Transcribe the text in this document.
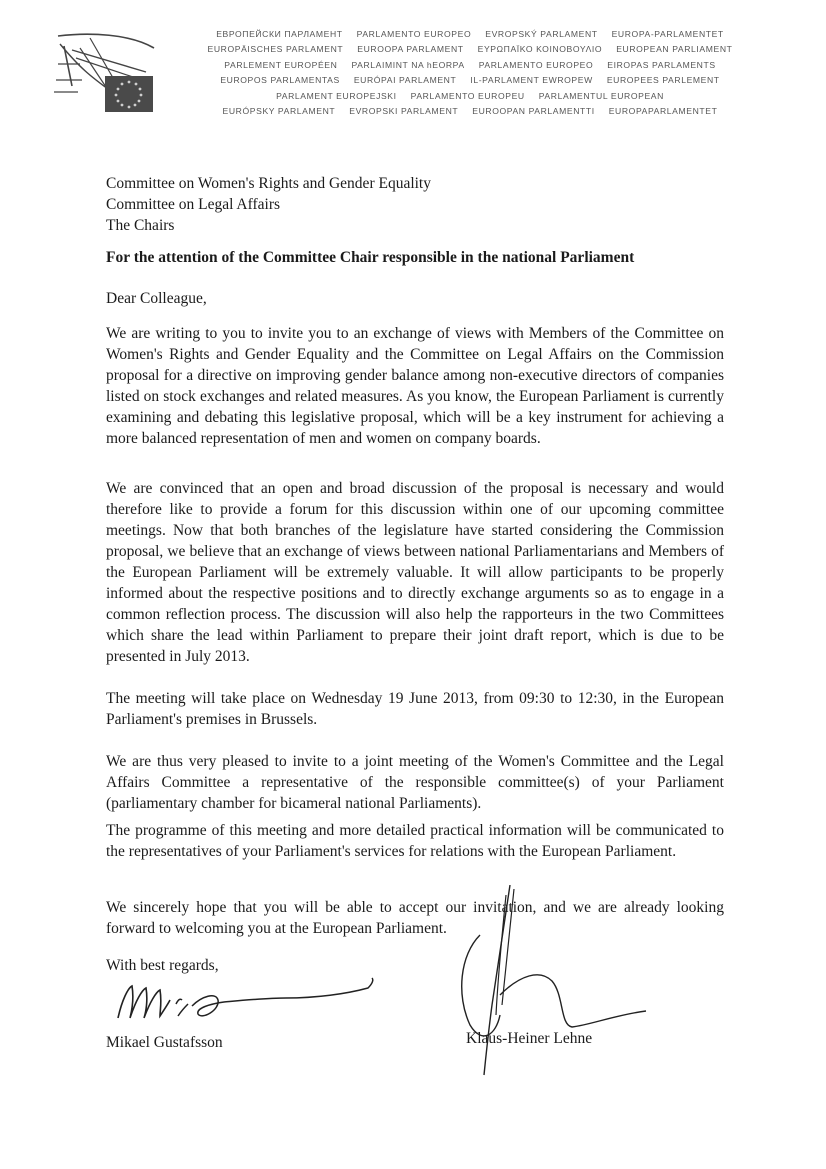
ЕВРОПЕЙСКИ ПАРЛАМЕНТ PARLAMENTO EUROPEO EVROPSKÝ PARLAMENT EUROPA-PARLAMENTET
EUROPÄISCHES PARLAMENT EUROOPA PARLAMENT ΕΥΡΩΠΑΪΚΟ ΚΟΙΝΟΒΟΥΛΙΟ EUROPEAN PARLIAMENT
PARLEMENT EUROPÉEN PARLAIMINT NA hEORPA PARLAMENTO EUROPEO EIROPAS PARLAMENTS
EUROPOS PARLAMENTAS EURÓPAI PARLAMENT IL-PARLAMENT EWROPEW EUROPEES PARLEMENT
PARLAMENT EUROPEJSKI PARLAMENTO EUROPEU PARLAMENTUL EUROPEAN
EURÓPSKY PARLAMENT EVROPSKI PARLAMENT EUROOPAN PARLAMENTTI EUROPAPARLAMENTET
Committee on Women's Rights and Gender Equality
Committee on Legal Affairs
The Chairs
For the attention of the Committee Chair responsible in the national Parliament
Dear Colleague,

We are writing to you to invite you to an exchange of views with Members of the Committee on Women's Rights and Gender Equality and the Committee on Legal Affairs on the Commission proposal for a directive on improving gender balance among non-executive directors of companies listed on stock exchanges and related measures. As you know, the European Parliament is currently examining and debating this legislative proposal, which will be a key instrument for achieving a more balanced representation of men and women on company boards.

We are convinced that an open and broad discussion of the proposal is necessary and would therefore like to provide a forum for this discussion within one of our upcoming committee meetings. Now that both branches of the legislature have started considering the Commission proposal, we believe that an exchange of views between national Parliamentarians and Members of the European Parliament will be extremely valuable. It will allow participants to be properly informed about the respective positions and to directly exchange arguments so as to engage in a common reflection process. The discussion will also help the rapporteurs in the two Committees which share the lead within Parliament to prepare their joint draft report, which is due to be presented in July 2013.

The meeting will take place on Wednesday 19 June 2013, from 09:30 to 12:30, in the European Parliament's premises in Brussels.

We are thus very pleased to invite to a joint meeting of the Women's Committee and the Legal Affairs Committee a representative of the responsible committee(s) of your Parliament (parliamentary chamber for bicameral national Parliaments).

The programme of this meeting and more detailed practical information will be communicated to the representatives of your Parliament's services for relations with the European Parliament.

We sincerely hope that you will be able to accept our invitation, and we are already looking forward to welcoming you at the European Parliament.

With best regards,
Mikael Gustafsson	Klaus-Heiner Lehne
